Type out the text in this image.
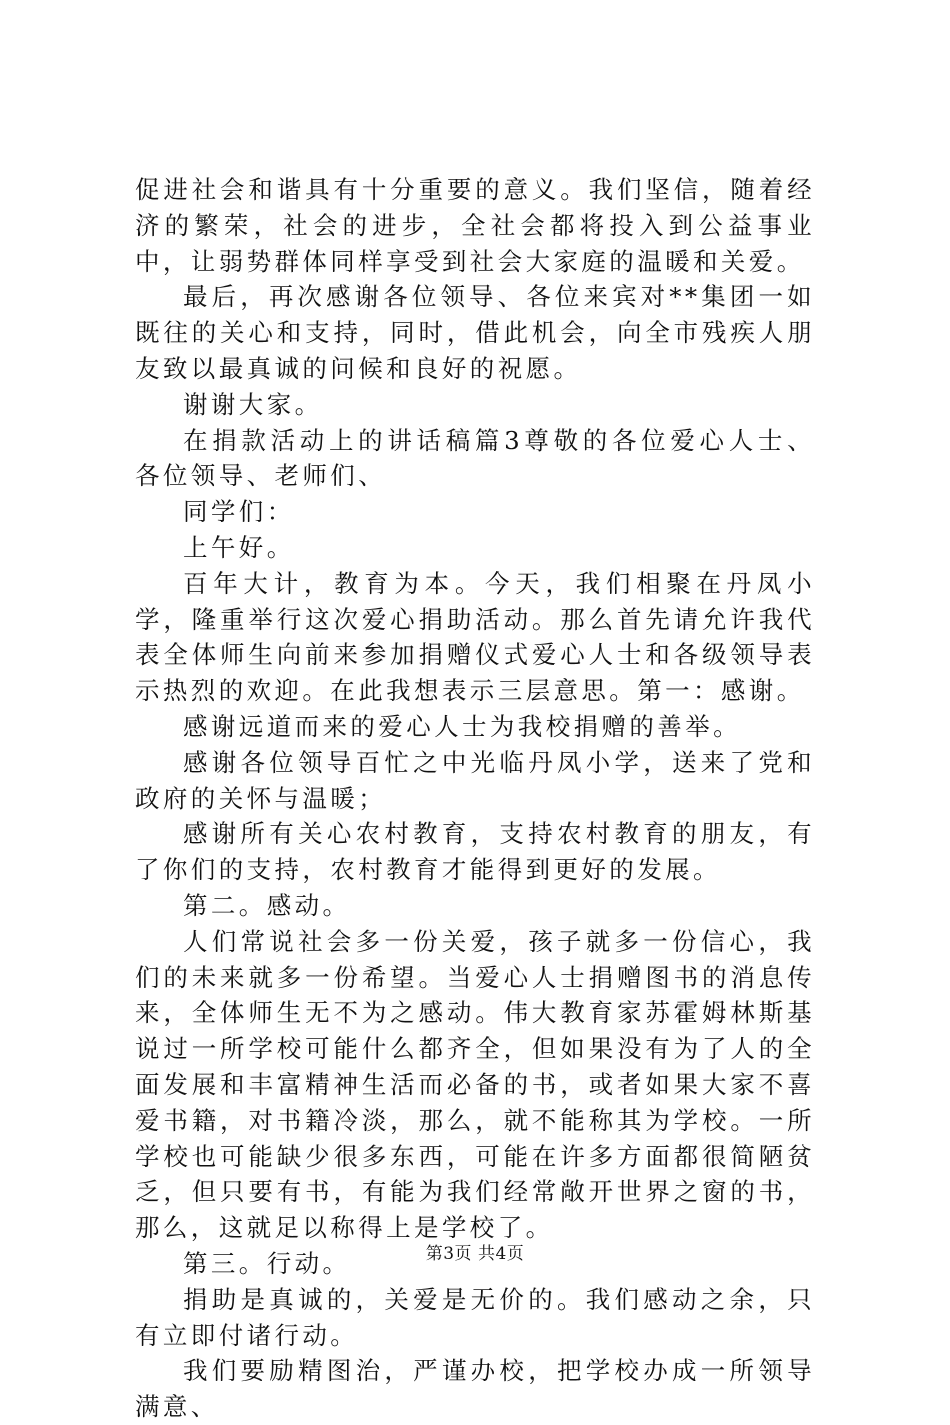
促进社会和谐具有十分重要的意义。我们坚信，随着经济的繁荣，社会的进步，全社会都将投入到公益事业中，让弱势群体同样享受到社会大家庭的温暖和关爱。

最后，再次感谢各位领导、各位来宾对**集团一如既往的关心和支持，同时，借此机会，向全市残疾人朋友致以最真诚的问候和良好的祝愿。

谢谢大家。

在捐款活动上的讲话稿篇3尊敬的各位爱心人士、各位领导、老师们、

同学们：

上午好。

百年大计，教育为本。今天，我们相聚在丹凤小学，隆重举行这次爱心捐助活动。那么首先请允许我代表全体师生向前来参加捐赠仪式爱心人士和各级领导表示热烈的欢迎。在此我想表示三层意思。第一：感谢。

感谢远道而来的爱心人士为我校捐赠的善举。

感谢各位领导百忙之中光临丹凤小学，送来了党和政府的关怀与温暖；

感谢所有关心农村教育，支持农村教育的朋友，有了你们的支持，农村教育才能得到更好的发展。

第二。感动。

人们常说社会多一份关爱，孩子就多一份信心，我们的未来就多一份希望。当爱心人士捐赠图书的消息传来，全体师生无不为之感动。伟大教育家苏霍姆林斯基说过一所学校可能什么都齐全，但如果没有为了人的全面发展和丰富精神生活而必备的书，或者如果大家不喜爱书籍，对书籍冷淡，那么，就不能称其为学校。一所学校也可能缺少很多东西，可能在许多方面都很简陋贫乏，但只要有书，有能为我们经常敞开世界之窗的书，那么，这就足以称得上是学校了。

第三。行动。

捐助是真诚的，关爱是无价的。我们感动之余，只有立即付诸行动。

我们要励精图治，严谨办校，把学校办成一所领导满意、

第3页 共4页
